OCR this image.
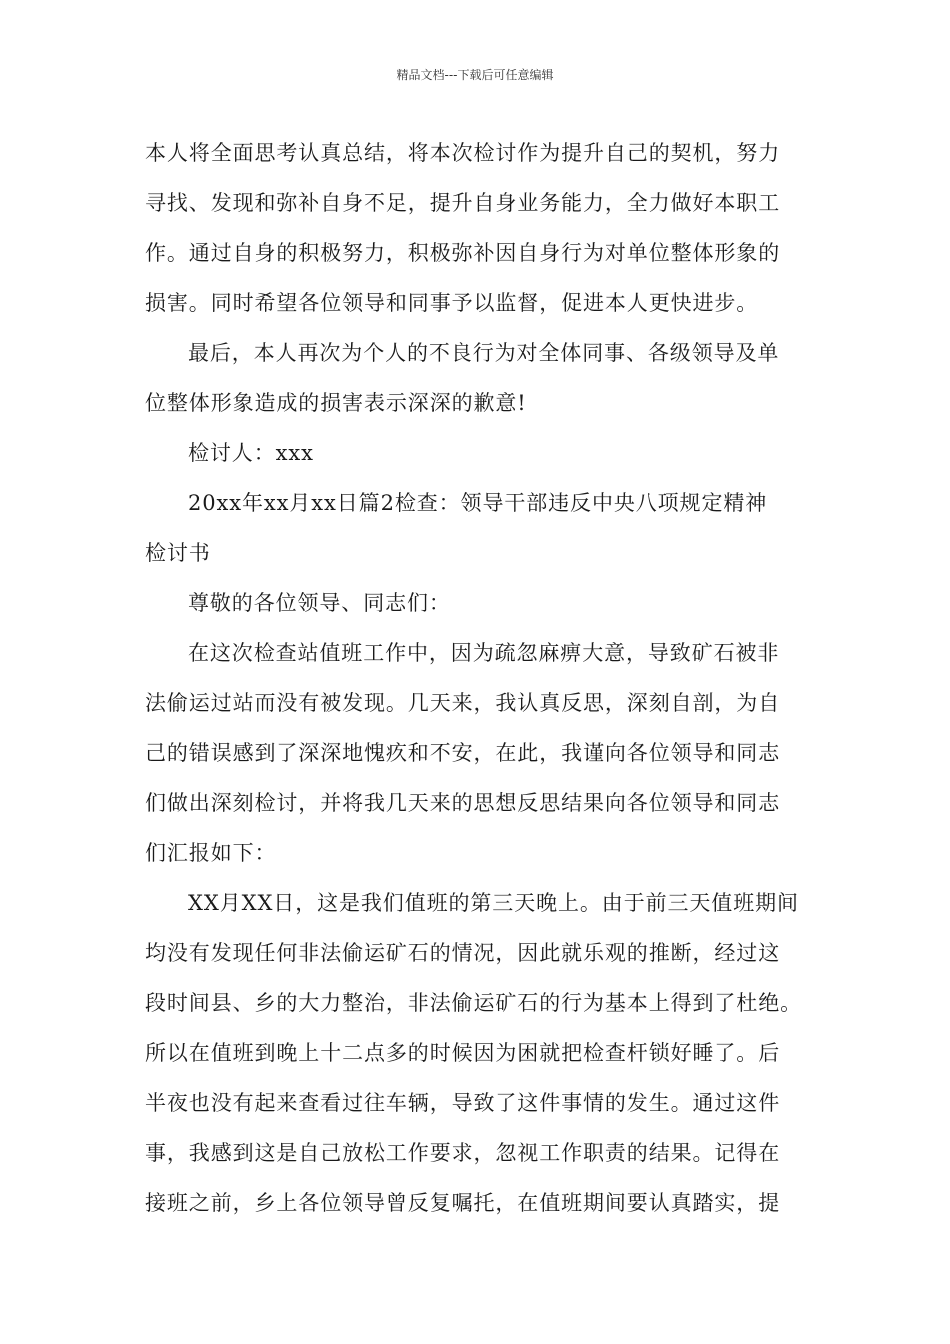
精品文档---下载后可任意编辑
本人将全面思考认真总结，将本次检讨作为提升自己的契机，努力
寻找、发现和弥补自身不足，提升自身业务能力，全力做好本职工
作。通过自身的积极努力，积极弥补因自身行为对单位整体形象的
损害。同时希望各位领导和同事予以监督，促进本人更快进步。
最后，本人再次为个人的不良行为对全体同事、各级领导及单
位整体形象造成的损害表示深深的歉意!
检讨人：xxx
20xx年xx月xx日篇2检查：领导干部违反中央八项规定精神
检讨书
尊敬的各位领导、同志们：
在这次检查站值班工作中，因为疏忽麻痹大意，导致矿石被非
法偷运过站而没有被发现。几天来，我认真反思，深刻自剖，为自
己的错误感到了深深地愧疚和不安，在此，我谨向各位领导和同志
们做出深刻检讨，并将我几天来的思想反思结果向各位领导和同志
们汇报如下：
XX月XX日，这是我们值班的第三天晚上。由于前三天值班期间
均没有发现任何非法偷运矿石的情况，因此就乐观的推断，经过这
段时间县、乡的大力整治，非法偷运矿石的行为基本上得到了杜绝。
所以在值班到晚上十二点多的时候因为困就把检查杆锁好睡了。后
半夜也没有起来查看过往车辆，导致了这件事情的发生。通过这件
事，我感到这是自己放松工作要求，忽视工作职责的结果。记得在
接班之前，乡上各位领导曾反复嘱托，在值班期间要认真踏实，提
